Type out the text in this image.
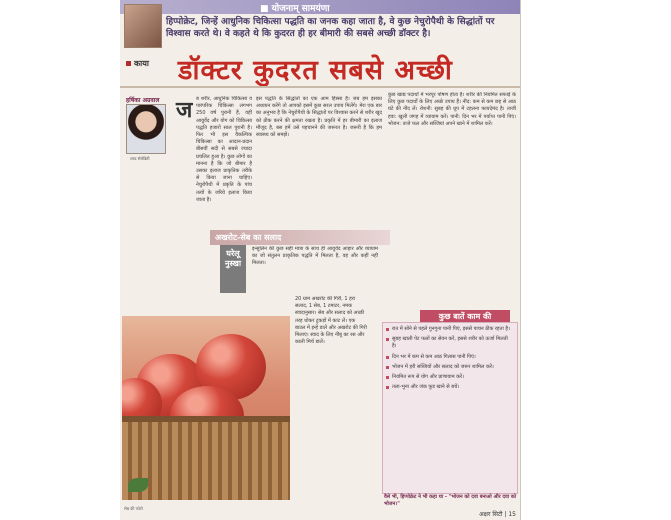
■ योजनाम् सामयंणा
हिप्पोक्रेट, जिन्हें आधुनिक चिकित्सा पद्धति का जनक कहा जाता है, वे कुछ नेचुरोपैथी के सिद्धांतों पर विश्वास करते थे। वे कहते थे कि कुदरत ही हर बीमारी की सबसे अच्छी डॉक्टर है।
काया डॉक्टर कुदरत सबसे अच्छी
हर्षिका अग्रवाल
शरद सेलेब्रिटी
ज ब शरीर, आधुनिक चिकित्सा व पारंपरिक चिकित्सा लगभग 250 वर्ष पुरानी हैं, वहीं आयुर्वेद और योग को चिकित्सा पद्धति हजारों साल पुरानी है। फिर भी इस वैकल्पिक चिकित्सा का आदान-प्रदान बीसवीं सदी से सबसे ज्यादा प्रचलित हुआ है। कुछ लोगों का मानना है कि जो बीमार है उसका इलाज प्राकृतिक तरीके से किया जाना चाहिए। नेचुरोपैथी में प्रकृति के पांच तत्वों के जरिये इलाज किया जाता है।
इस पद्धति के सिद्धांतों का एक आम हिस्सा है। जब हम इसका अध्ययन करेंगे तो आपको इसमें कुछ सरल उपाय मिलेंगे। मेरा एक बार का अनुभव है कि नेचुरोपैथी के सिद्धांतों पर विश्वास करने से शरीर खुद को ठीक करने की क्षमता रखता है। प्रकृति में हर बीमारी का इलाज मौजूद है, बस हमें उसे पहचानने की जरूरत है। जरूरी है कि हम स्वास्थ्य को समझें।
कुछ खाद्य पदार्थों में भरपूर पोषण होता है। शरीर की नियमित सफाई के लिए कुछ पदार्थों के लिए अच्छे उपाय हैं। नींद: कम से कम छह से आठ घंटे की नींद लें। रोशनी: सुबह की धूप में टहलना फायदेमंद है। ताजी हवा: खुली जगह में व्यायाम करें। पानी: दिन भर में पर्याप्त पानी पिएं। भोजन: ताजे फल और सब्जियां अपने खाने में शामिल करें।
अखरोट-सेब का सलाद
घरेलू नुस्खा
इन्सुलिन की कुछ सही मात्रा के साथ ही आयुर्वेद आहार और व्यायाम का जो संतुलन प्राकृतिक पद्धति में मिलता है, वह और कहीं नहीं मिलता।
20 ग्राम अखरोट की गिरी, 1 हरा सलाद, 1 सेब, 1 टमाटर, नमक स्वादानुसार। सेब और सलाद को अच्छी तरह धोकर टुकड़ों में काट लें। एक बाउल में इन्हें डालें और अखरोट की गिरी मिलाएं। स्वाद के लिए नींबू का रस और काली मिर्च डालें।
सेब की फोटो
कुछ बातें काम की
रात में सोने से पहले गुनगुना पानी पिएं, इससे पाचन ठीक रहता है।
सुबह खाली पेट फलों का सेवन करें, इससे शरीर को ऊर्जा मिलती है।
दिन भर में कम से कम आठ गिलास पानी पिएं।
भोजन में हरी सब्जियों और सलाद को जरूर शामिल करें।
नियमित रूप से योग और प्राणायाम करें।
तला-भुना और जंक फूड खाने से बचें।
वैसे भी, हिप्पोक्रेट ने भी कहा था - "भोजन को दवा बनाओ और दवा को भोजन।"
अक्षर सिटी | 15
